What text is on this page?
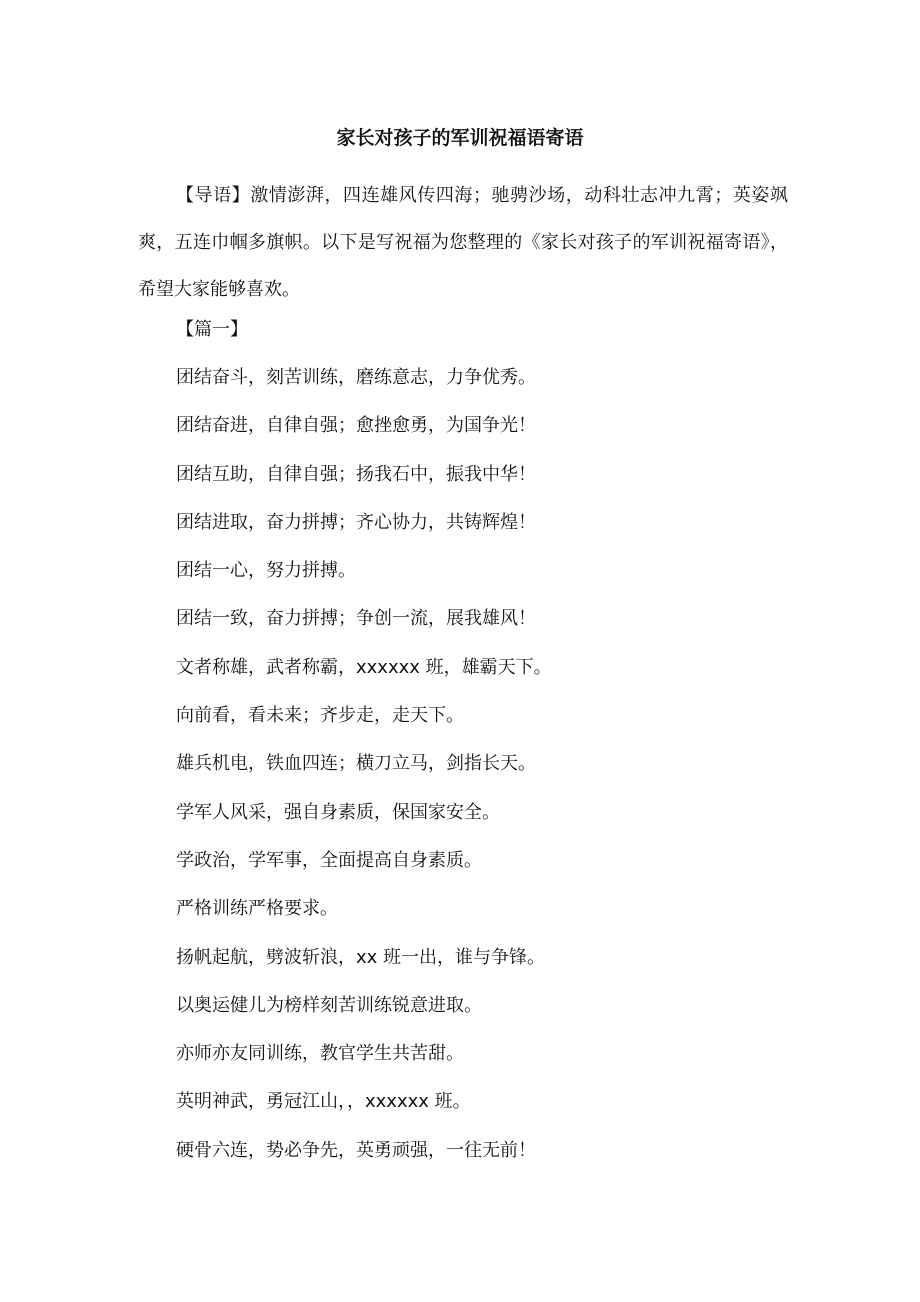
家长对孩子的军训祝福语寄语

【导语】激情澎湃，四连雄风传四海；驰骋沙场，动科壮志冲九霄；英姿飒爽，五连巾帼多旗帜。以下是写祝福为您整理的《家长对孩子的军训祝福寄语》，希望大家能够喜欢。

【篇一】

团结奋斗，刻苦训练，磨练意志，力争优秀。
团结奋进，自律自强；愈挫愈勇，为国争光！
团结互助，自律自强；扬我石中，振我中华！
团结进取，奋力拼搏；齐心协力，共铸辉煌！
团结一心，努力拼搏。
团结一致，奋力拼搏；争创一流，展我雄风！
文者称雄，武者称霸，xxxxxx 班，雄霸天下。
向前看，看未来；齐步走，走天下。
雄兵机电，铁血四连；横刀立马，剑指长天。
学军人风采，强自身素质，保国家安全。
学政治，学军事，全面提高自身素质。
严格训练严格要求。
扬帆起航，劈波斩浪，xx 班一出，谁与争锋。
以奥运健儿为榜样刻苦训练锐意进取。
亦师亦友同训练，教官学生共苦甜。
英明神武，勇冠江山，，xxxxxx 班。
硬骨六连，势必争先，英勇顽强，一往无前！
